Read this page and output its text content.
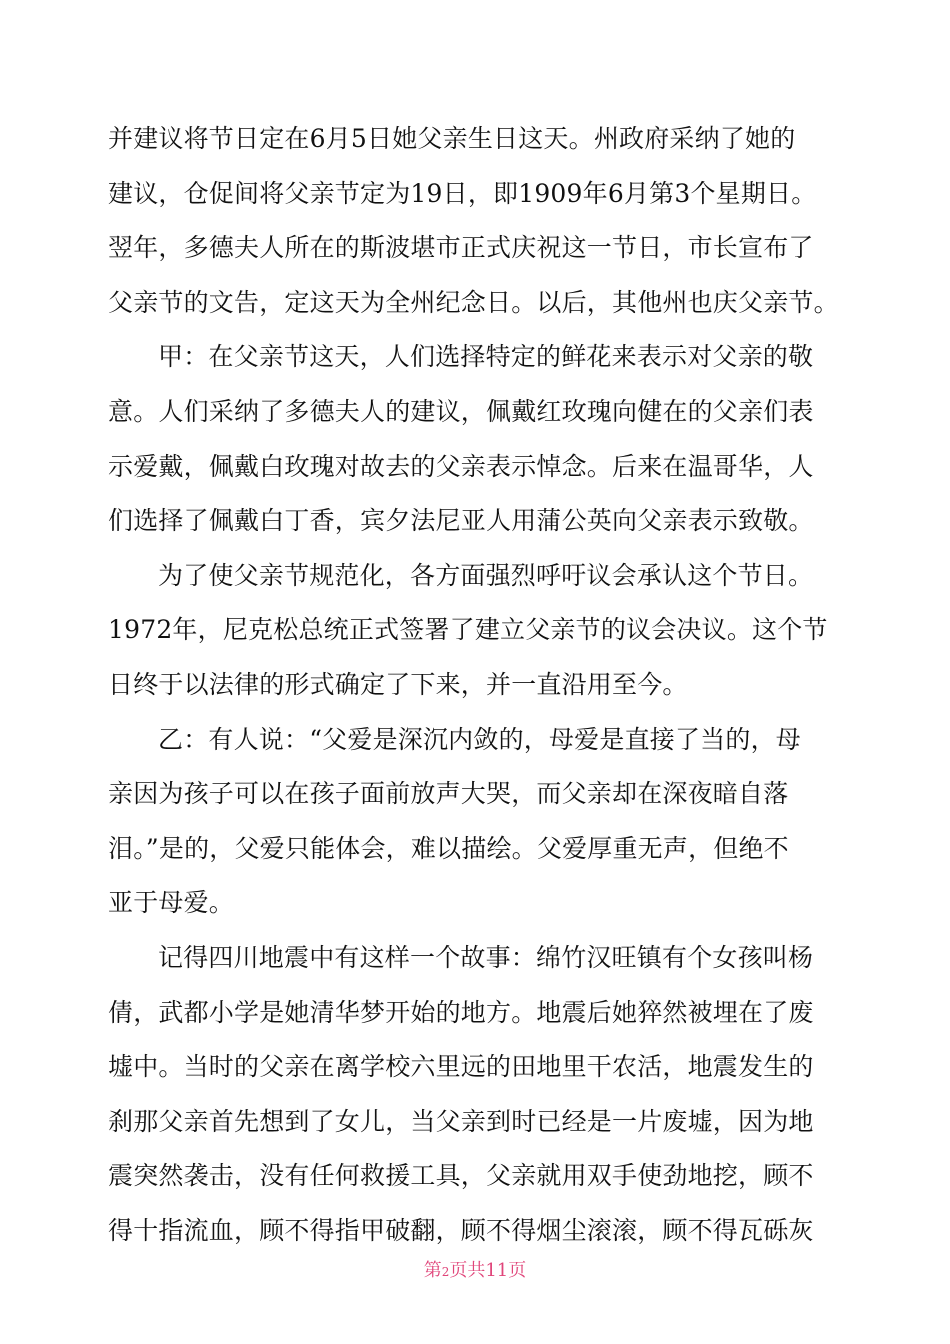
并建议将节日定在6月5日她父亲生日这天。州政府采纳了她的
建议，仓促间将父亲节定为19日，即1909年6月第3个星期日。
翌年，多德夫人所在的斯波堪市正式庆祝这一节日，市长宣布了
父亲节的文告，定这天为全州纪念日。以后，其他州也庆父亲节。
甲：在父亲节这天，人们选择特定的鲜花来表示对父亲的敬
意。人们采纳了多德夫人的建议，佩戴红玫瑰向健在的父亲们表
示爱戴，佩戴白玫瑰对故去的父亲表示悼念。后来在温哥华，人
们选择了佩戴白丁香，宾夕法尼亚人用蒲公英向父亲表示致敬。
为了使父亲节规范化，各方面强烈呼吁议会承认这个节日。
1972年，尼克松总统正式签署了建立父亲节的议会决议。这个节
日终于以法律的形式确定了下来，并一直沿用至今。
乙：有人说：“父爱是深沉内敛的，母爱是直接了当的，母
亲因为孩子可以在孩子面前放声大哭，而父亲却在深夜暗自落
泪。”是的，父爱只能体会，难以描绘。父爱厚重无声，但绝不
亚于母爱。
记得四川地震中有这样一个故事：绵竹汉旺镇有个女孩叫杨
倩，武都小学是她清华梦开始的地方。地震后她猝然被埋在了废
墟中。当时的父亲在离学校六里远的田地里干农活，地震发生的
刹那父亲首先想到了女儿，当父亲到时已经是一片废墟，因为地
震突然袭击，没有任何救援工具，父亲就用双手使劲地挖，顾不
得十指流血，顾不得指甲破翻，顾不得烟尘滚滚，顾不得瓦砾灰
第2页共11页
